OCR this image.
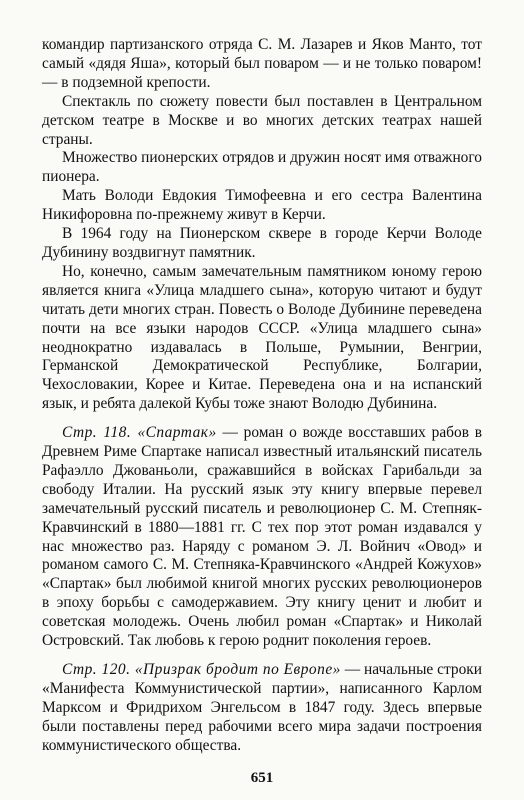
командир партизанского отряда С. М. Лазарев и Яков Манто, тот самый «дядя Яша», который был поваром — и не только поваром! — в подземной крепости.

Спектакль по сюжету повести был поставлен в Центральном детском театре в Москве и во многих детских театрах нашей страны.

Множество пионерских отрядов и дружин носят имя отважного пионера.

Мать Володи Евдокия Тимофеевна и его сестра Валентина Никифоровна по-прежнему живут в Керчи.

В 1964 году на Пионерском сквере в городе Керчи Володе Дубинину воздвигнут памятник.

Но, конечно, самым замечательным памятником юному герою является книга «Улица младшего сына», которую читают и будут читать дети многих стран. Повесть о Володе Дубинине переведена почти на все языки народов СССР. «Улица младшего сына» неоднократно издавалась в Польше, Румынии, Венгрии, Германской Демократической Республике, Болгарии, Чехословакии, Корее и Китае. Переведена она и на испанский язык, и ребята далекой Кубы тоже знают Володю Дубинина.

Стр. 118. «Спартак» — роман о вожде восставших рабов в Древнем Риме Спартаке написал известный итальянский писатель Рафаэлло Джованьоли, сражавшийся в войсках Гарибальди за свободу Италии. На русский язык эту книгу впервые перевел замечательный русский писатель и революционер С. М. Степняк-Кравчинский в 1880—1881 гг. С тех пор этот роман издавался у нас множество раз. Наряду с романом Э. Л. Войнич «Овод» и романом самого С. М. Степняка-Кравчинского «Андрей Кожухов» «Спартак» был любимой книгой многих русских революционеров в эпоху борьбы с самодержавием. Эту книгу ценит и любит и советская молодежь. Очень любил роман «Спартак» и Николай Островский. Так любовь к герою роднит поколения героев.

Стр. 120. «Призрак бродит по Европе» — начальные строки «Манифеста Коммунистической партии», написанного Карлом Марксом и Фридрихом Энгельсом в 1847 году. Здесь впервые были поставлены перед рабочими всего мира задачи построения коммунистического общества.

651
